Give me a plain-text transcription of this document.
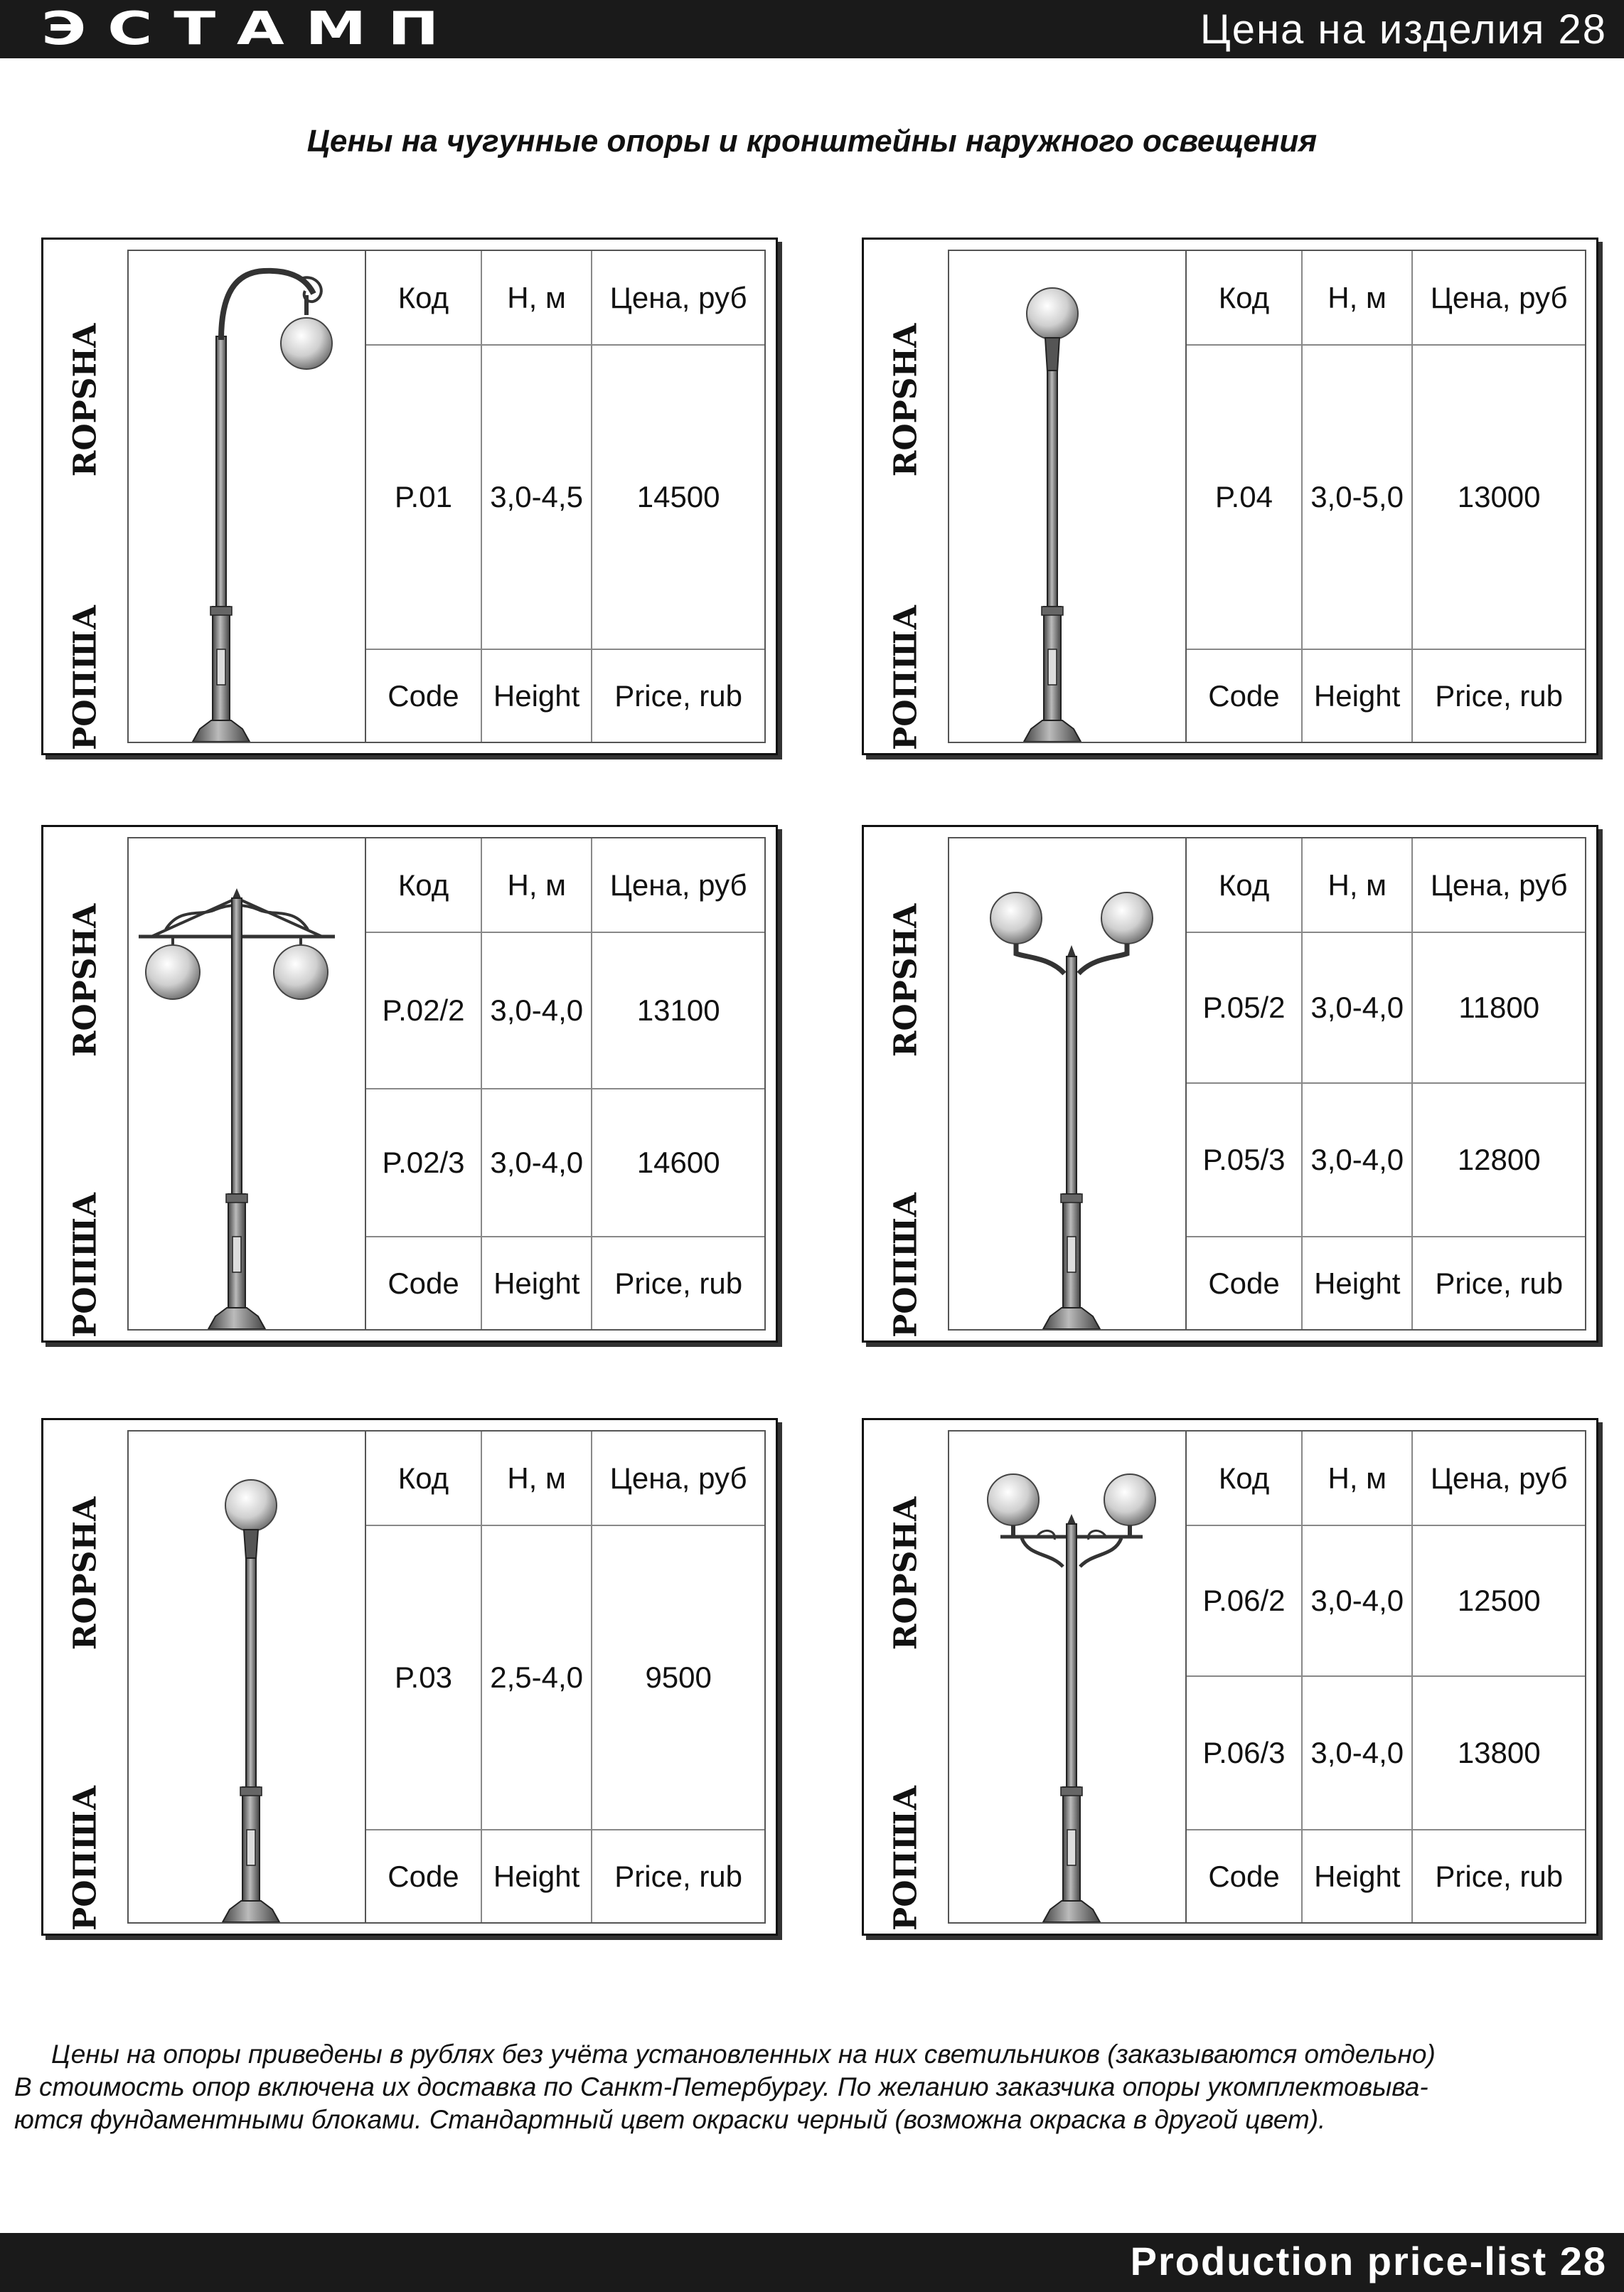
ЭСТАМП	Цена на изделия 28
Цены на чугунные опоры и кронштейны наружного освещения
ROPSHA
РОПША
Код	Н, м	Цена, руб
P.01	3,0-4,5	14500
Code	Height	Price, rub
ROPSHA
РОПША
Код	Н, м	Цена, руб
P.04	3,0-5,0	13000
Code	Height	Price, rub
ROPSHA
РОПША
Код	Н, м	Цена, руб
P.02/2	3,0-4,0	13100
P.02/3	3,0-4,0	14600
Code	Height	Price, rub
ROPSHA
РОПША
Код	Н, м	Цена, руб
P.05/2	3,0-4,0	11800
P.05/3	3,0-4,0	12800
Code	Height	Price, rub
ROPSHA
РОПША
Код	Н, м	Цена, руб
P.03	2,5-4,0	9500
Code	Height	Price, rub
ROPSHA
РОПША
Код	Н, м	Цена, руб
P.06/2	3,0-4,0	12500
P.06/3	3,0-4,0	13800
Code	Height	Price, rub
Цены на опоры приведены в рублях без учёта установленных на них светильников (заказываются отдельно)
В стоимость опор включена их доставка по Санкт-Петербургу. По желанию заказчика опоры укомплектовыва-
ются фундаментными блоками. Стандартный цвет окраски черный (возможна окраска в другой цвет).
Production price-list 28
